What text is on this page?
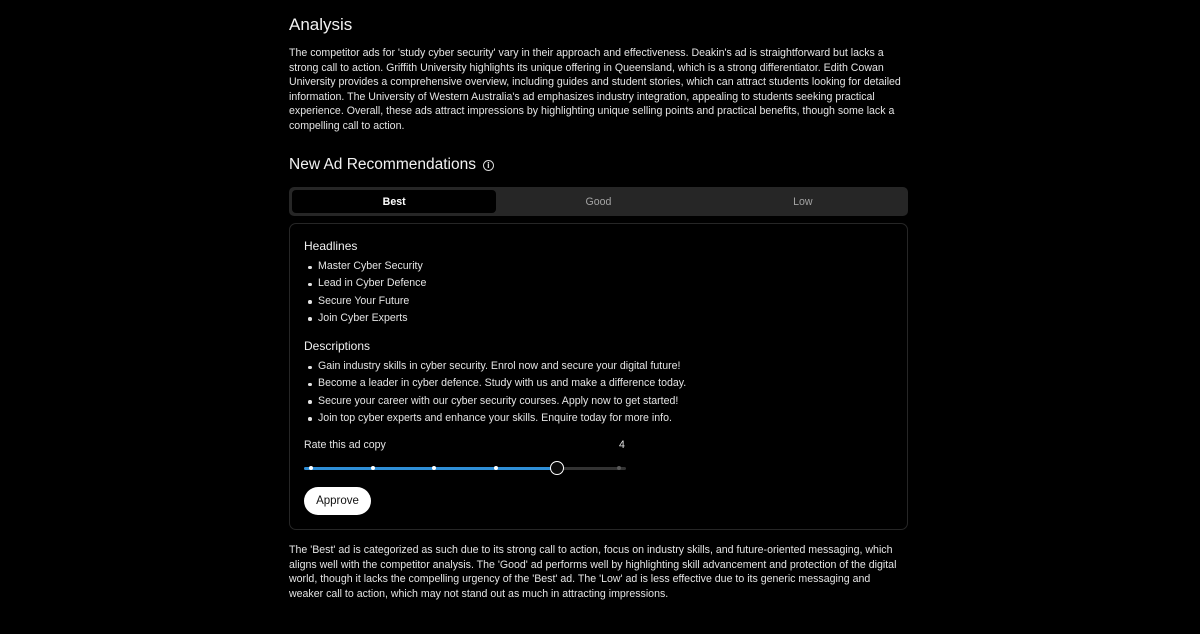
Analysis

The competitor ads for 'study cyber security' vary in their approach and effectiveness. Deakin's ad is straightforward but lacks a strong call to action. Griffith University highlights its unique offering in Queensland, which is a strong differentiator. Edith Cowan University provides a comprehensive overview, including guides and student stories, which can attract students looking for detailed information. The University of Western Australia's ad emphasizes industry integration, appealing to students seeking practical experience. Overall, these ads attract impressions by highlighting unique selling points and practical benefits, though some lack a compelling call to action.

New Ad Recommendations	i
Best	Good	Low
Headlines
Master Cyber Security
Lead in Cyber Defence
Secure Your Future
Join Cyber Experts
Descriptions
Gain industry skills in cyber security. Enrol now and secure your digital future!
Become a leader in cyber defence. Study with us and make a difference today.
Secure your career with our cyber security courses. Apply now to get started!
Join top cyber experts and enhance your skills. Enquire today for more info.
Rate this ad copy	4
Approve

The 'Best' ad is categorized as such due to its strong call to action, focus on industry skills, and future-oriented messaging, which aligns well with the competitor analysis. The 'Good' ad performs well by highlighting skill advancement and protection of the digital world, though it lacks the compelling urgency of the 'Best' ad. The 'Low' ad is less effective due to its generic messaging and weaker call to action, which may not stand out as much in attracting impressions.
